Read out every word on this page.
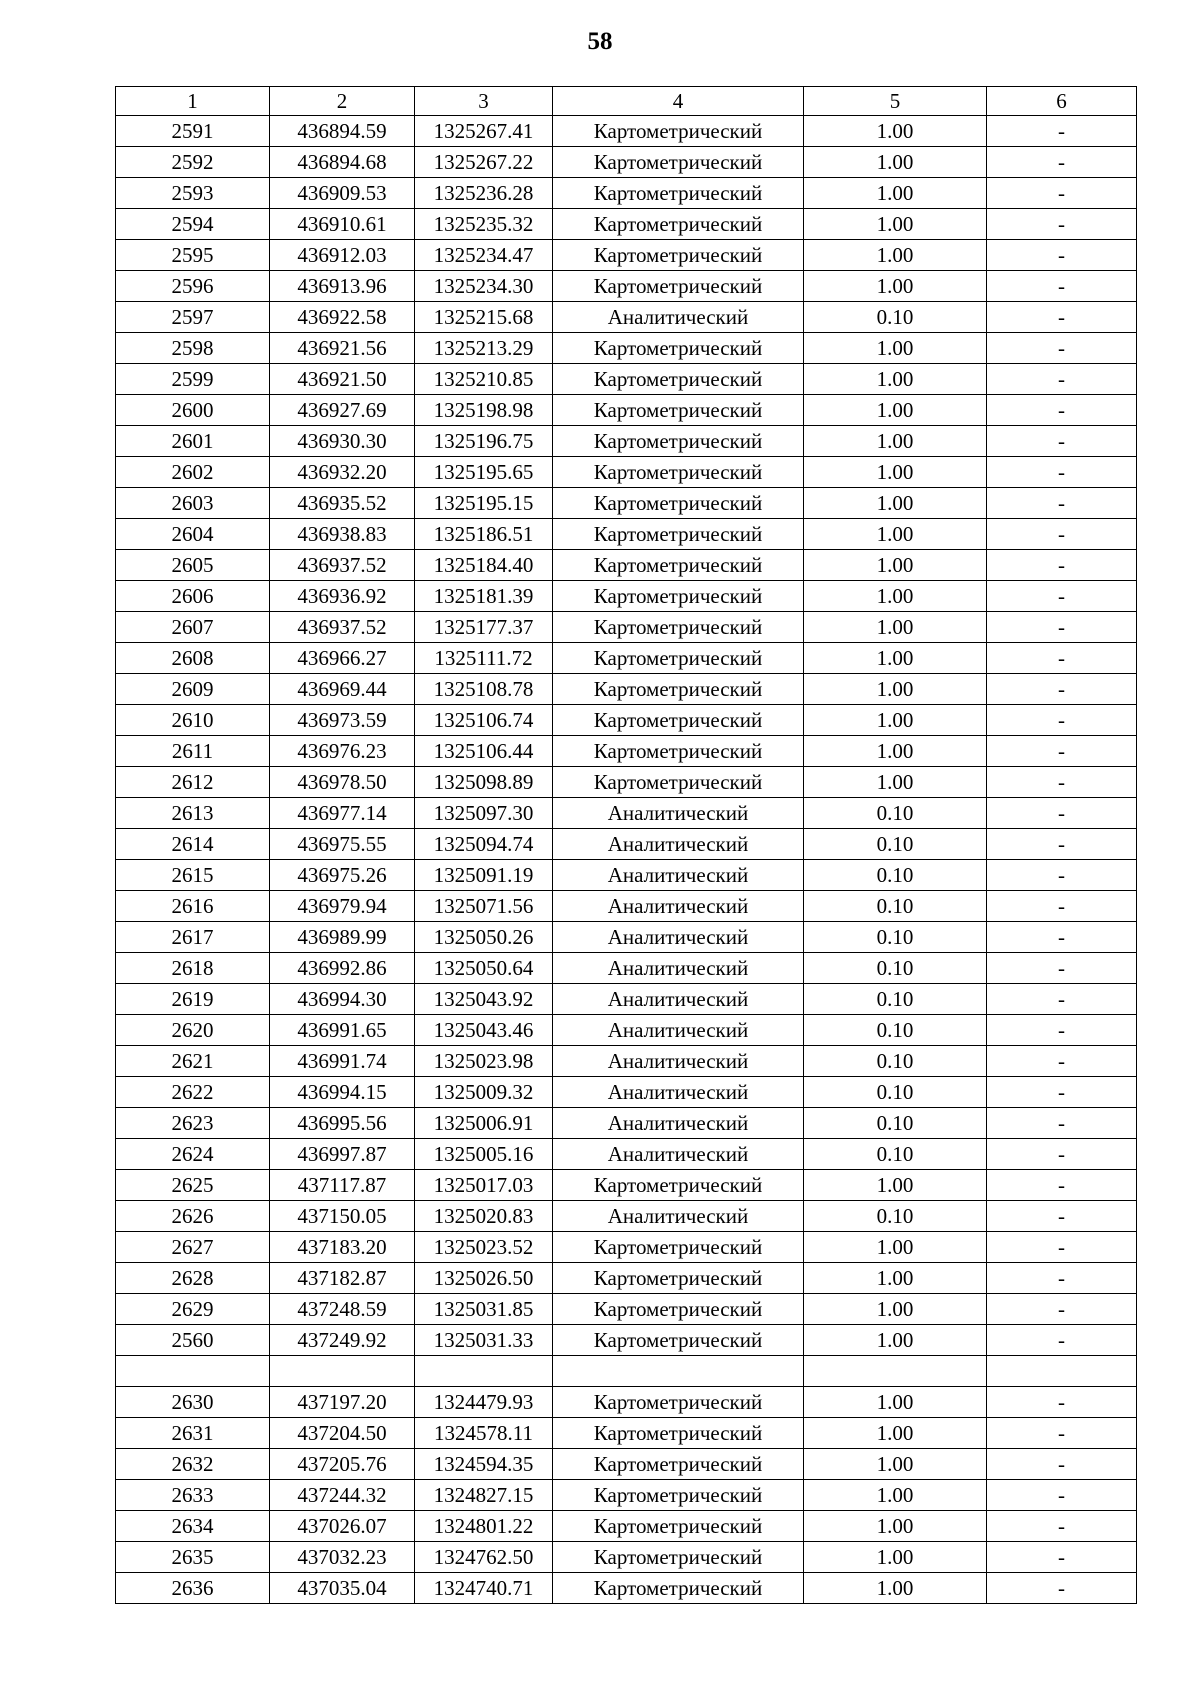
58
1	2	3	4	5	6
2591	436894.59	1325267.41	Картометрический	1.00	-
2592	436894.68	1325267.22	Картометрический	1.00	-
2593	436909.53	1325236.28	Картометрический	1.00	-
2594	436910.61	1325235.32	Картометрический	1.00	-
2595	436912.03	1325234.47	Картометрический	1.00	-
2596	436913.96	1325234.30	Картометрический	1.00	-
2597	436922.58	1325215.68	Аналитический	0.10	-
2598	436921.56	1325213.29	Картометрический	1.00	-
2599	436921.50	1325210.85	Картометрический	1.00	-
2600	436927.69	1325198.98	Картометрический	1.00	-
2601	436930.30	1325196.75	Картометрический	1.00	-
2602	436932.20	1325195.65	Картометрический	1.00	-
2603	436935.52	1325195.15	Картометрический	1.00	-
2604	436938.83	1325186.51	Картометрический	1.00	-
2605	436937.52	1325184.40	Картометрический	1.00	-
2606	436936.92	1325181.39	Картометрический	1.00	-
2607	436937.52	1325177.37	Картометрический	1.00	-
2608	436966.27	1325111.72	Картометрический	1.00	-
2609	436969.44	1325108.78	Картометрический	1.00	-
2610	436973.59	1325106.74	Картометрический	1.00	-
2611	436976.23	1325106.44	Картометрический	1.00	-
2612	436978.50	1325098.89	Картометрический	1.00	-
2613	436977.14	1325097.30	Аналитический	0.10	-
2614	436975.55	1325094.74	Аналитический	0.10	-
2615	436975.26	1325091.19	Аналитический	0.10	-
2616	436979.94	1325071.56	Аналитический	0.10	-
2617	436989.99	1325050.26	Аналитический	0.10	-
2618	436992.86	1325050.64	Аналитический	0.10	-
2619	436994.30	1325043.92	Аналитический	0.10	-
2620	436991.65	1325043.46	Аналитический	0.10	-
2621	436991.74	1325023.98	Аналитический	0.10	-
2622	436994.15	1325009.32	Аналитический	0.10	-
2623	436995.56	1325006.91	Аналитический	0.10	-
2624	436997.87	1325005.16	Аналитический	0.10	-
2625	437117.87	1325017.03	Картометрический	1.00	-
2626	437150.05	1325020.83	Аналитический	0.10	-
2627	437183.20	1325023.52	Картометрический	1.00	-
2628	437182.87	1325026.50	Картометрический	1.00	-
2629	437248.59	1325031.85	Картометрический	1.00	-
2560	437249.92	1325031.33	Картометрический	1.00	-

2630	437197.20	1324479.93	Картометрический	1.00	-
2631	437204.50	1324578.11	Картометрический	1.00	-
2632	437205.76	1324594.35	Картометрический	1.00	-
2633	437244.32	1324827.15	Картометрический	1.00	-
2634	437026.07	1324801.22	Картометрический	1.00	-
2635	437032.23	1324762.50	Картометрический	1.00	-
2636	437035.04	1324740.71	Картометрический	1.00	-
